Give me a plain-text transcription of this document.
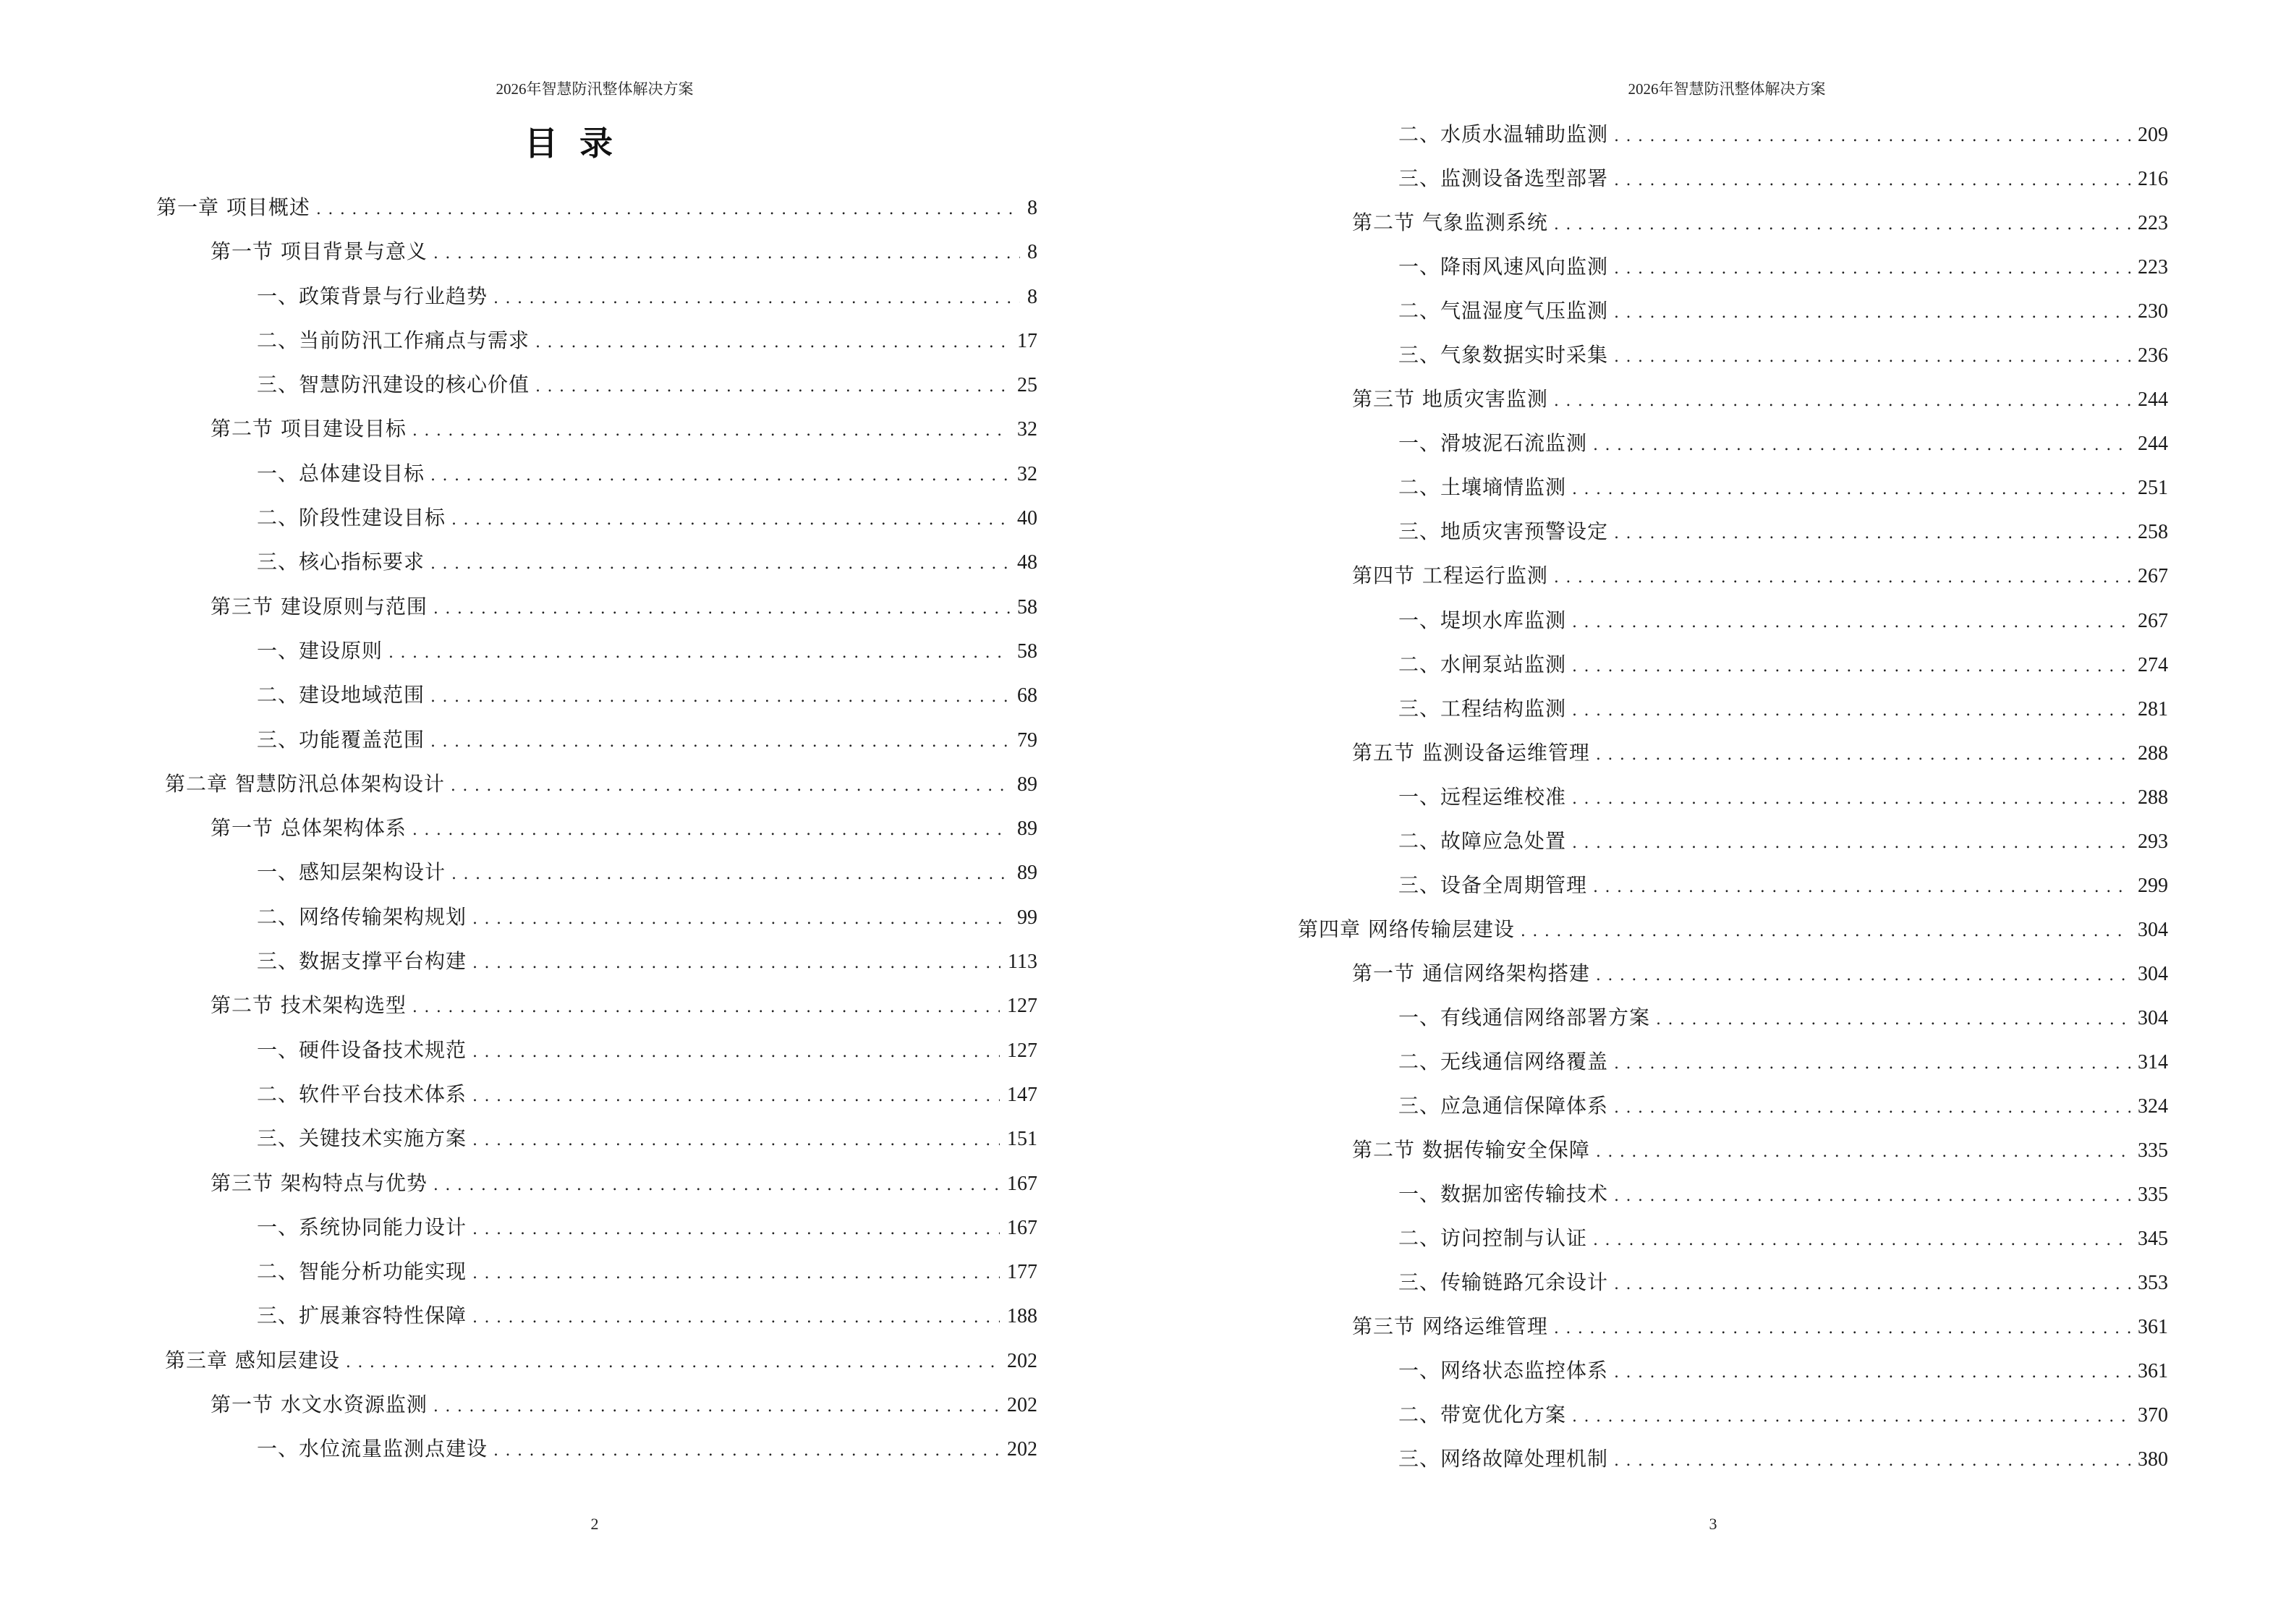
2026年智慧防汛整体解决方案
目录
第一章 项目概述 .....	8
第一节 项目背景与意义 .....	8
一、政策背景与行业趋势 .....	8
二、当前防汛工作痛点与需求 .....	17
三、智慧防汛建设的核心价值 .....	25
第二节 项目建设目标 .....	32
一、总体建设目标 .....	32
二、阶段性建设目标 .....	40
三、核心指标要求 .....	48
第三节 建设原则与范围 .....	58
一、建设原则 .....	58
二、建设地域范围 .....	68
三、功能覆盖范围 .....	79
第二章 智慧防汛总体架构设计 .....	89
第一节 总体架构体系 .....	89
一、感知层架构设计 .....	89
二、网络传输架构规划 .....	99
三、数据支撑平台构建 .....	113
第二节 技术架构选型 .....	127
一、硬件设备技术规范 .....	127
二、软件平台技术体系 .....	147
三、关键技术实施方案 .....	151
第三节 架构特点与优势 .....	167
一、系统协同能力设计 .....	167
二、智能分析功能实现 .....	177
三、扩展兼容特性保障 .....	188
第三章 感知层建设 .....	202
第一节 水文水资源监测 .....	202
一、水位流量监测点建设 .....	202
2
2026年智慧防汛整体解决方案
二、水质水温辅助监测 .....	209
三、监测设备选型部署 .....	216
第二节 气象监测系统 .....	223
一、降雨风速风向监测 .....	223
二、气温湿度气压监测 .....	230
三、气象数据实时采集 .....	236
第三节 地质灾害监测 .....	244
一、滑坡泥石流监测 .....	244
二、土壤墒情监测 .....	251
三、地质灾害预警设定 .....	258
第四节 工程运行监测 .....	267
一、堤坝水库监测 .....	267
二、水闸泵站监测 .....	274
三、工程结构监测 .....	281
第五节 监测设备运维管理 .....	288
一、远程运维校准 .....	288
二、故障应急处置 .....	293
三、设备全周期管理 .....	299
第四章 网络传输层建设 .....	304
第一节 通信网络架构搭建 .....	304
一、有线通信网络部署方案 .....	304
二、无线通信网络覆盖 .....	314
三、应急通信保障体系 .....	324
第二节 数据传输安全保障 .....	335
一、数据加密传输技术 .....	335
二、访问控制与认证 .....	345
三、传输链路冗余设计 .....	353
第三节 网络运维管理 .....	361
一、网络状态监控体系 .....	361
二、带宽优化方案 .....	370
三、网络故障处理机制 .....	380
3
